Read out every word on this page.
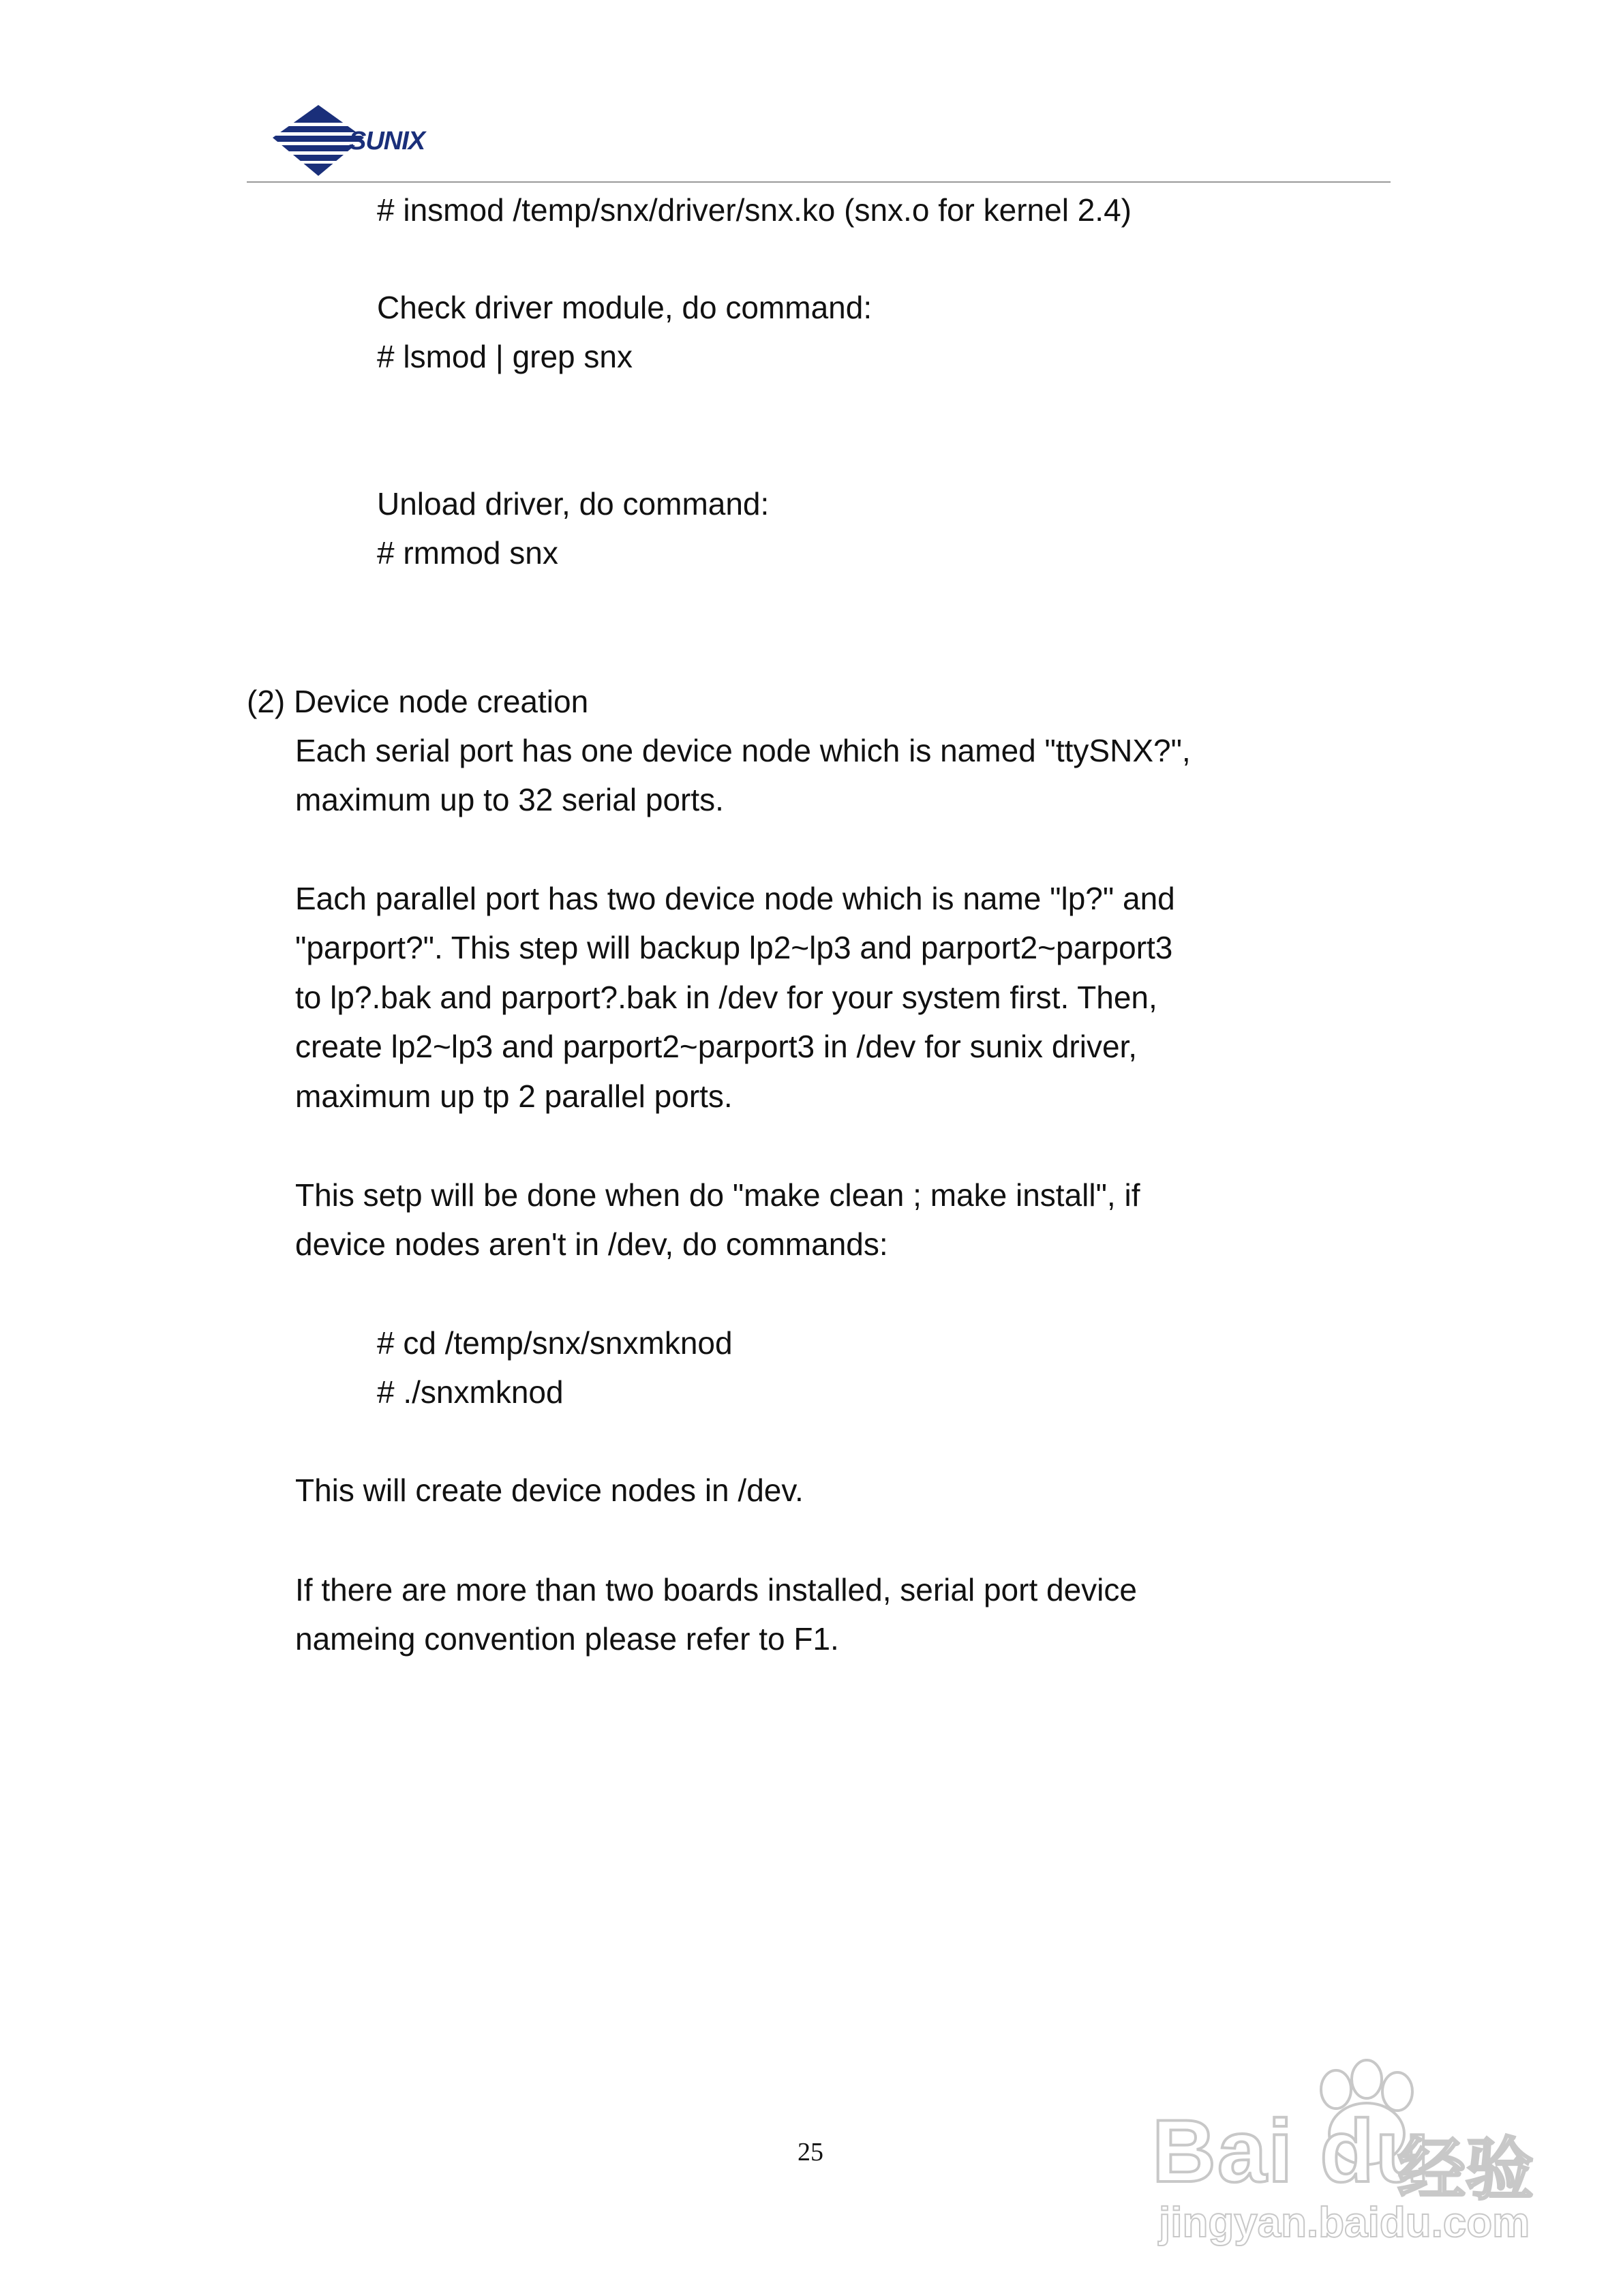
SUNIX
# insmod /temp/snx/driver/snx.ko (snx.o for kernel 2.4)
Check driver module, do command:
# lsmod | grep snx
Unload driver, do command:
# rmmod snx
(2) Device node creation
Each serial port has one device node which is named "ttySNX?",
maximum up to 32 serial ports.
Each parallel port has two device node which is name "lp?" and
"parport?". This step will backup lp2~lp3 and parport2~parport3
to lp?.bak and parport?.bak in /dev for your system first. Then,
create lp2~lp3 and parport2~parport3 in /dev for sunix driver,
maximum up tp 2 parallel ports.
This setp will be done when do "make clean ; make install", if
device nodes aren't in /dev, do commands:
# cd /temp/snx/snxmknod
# ./snxmknod
This will create device nodes in /dev.
If there are more than two boards installed, serial port device
nameing convention please refer to F1.
25	Bai du
经验
jingyan.baidu.com
